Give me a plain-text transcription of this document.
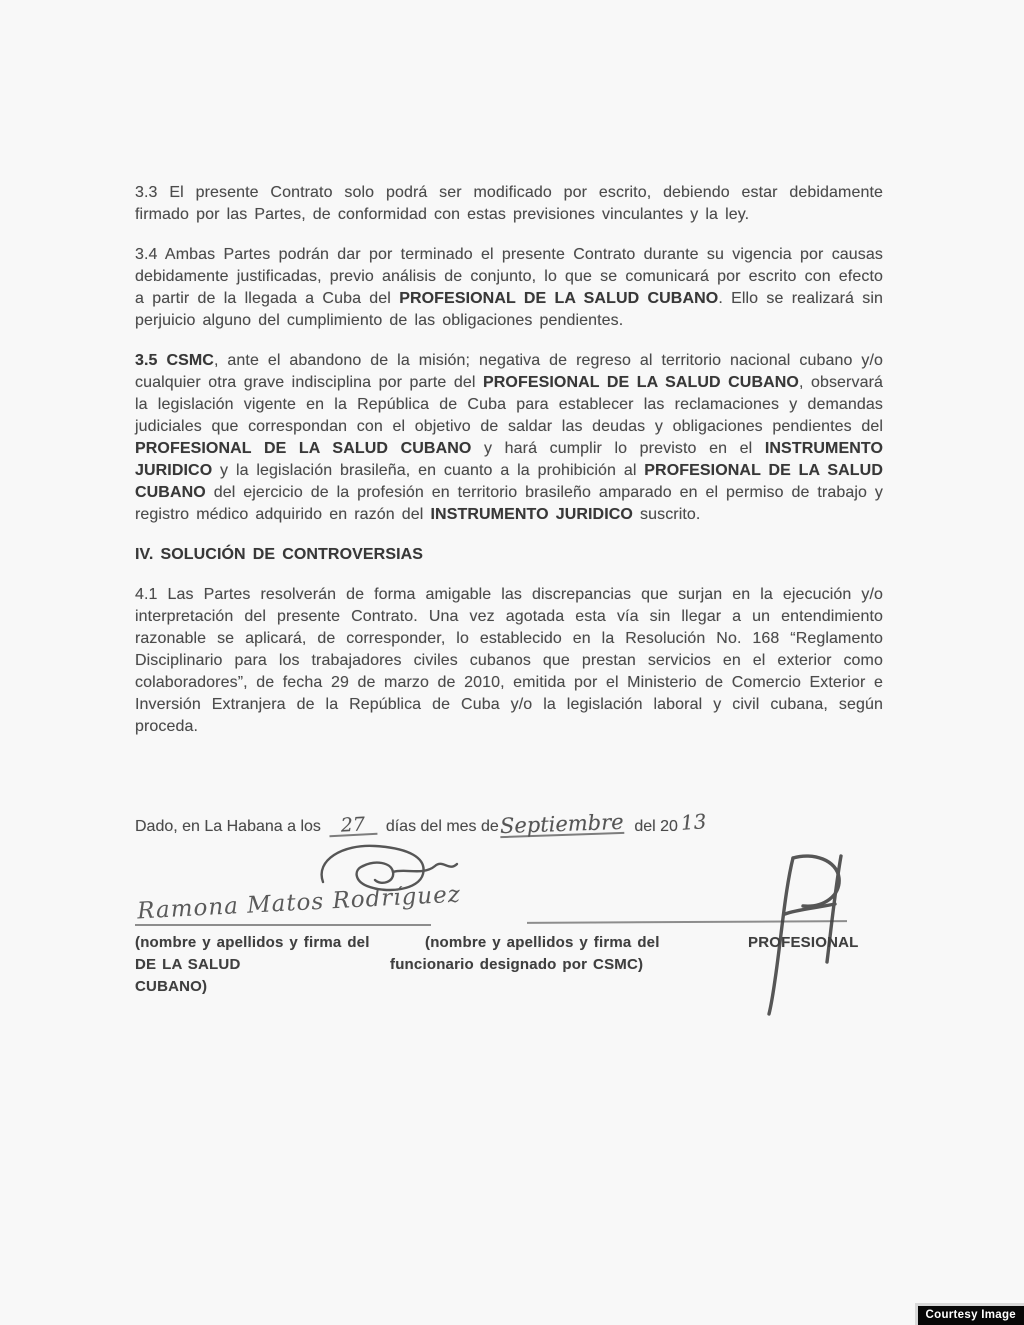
3.3 El presente Contrato solo podrá ser modificado por escrito, debiendo estar debidamente firmado por las Partes, de conformidad con estas previsiones vinculantes y la ley.

3.4 Ambas Partes podrán dar por terminado el presente Contrato durante su vigencia por causas debidamente justificadas, previo análisis de conjunto, lo que se comunicará por escrito con efecto a partir de la llegada a Cuba del PROFESIONAL DE LA SALUD CUBANO. Ello se realizará sin perjuicio alguno del cumplimiento de las obligaciones pendientes.

3.5 CSMC, ante el abandono de la misión; negativa de regreso al territorio nacional cubano y/o cualquier otra grave indisciplina por parte del PROFESIONAL DE LA SALUD CUBANO, observará la legislación vigente en la República de Cuba para establecer las reclamaciones y demandas judiciales que correspondan con el objetivo de saldar las deudas y obligaciones pendientes del PROFESIONAL DE LA SALUD CUBANO y hará cumplir lo previsto en el INSTRUMENTO JURIDICO y la legislación brasileña, en cuanto a la prohibición al PROFESIONAL DE LA SALUD CUBANO del ejercicio de la profesión en territorio brasileño amparado en el permiso de trabajo y registro médico adquirido en razón del INSTRUMENTO JURIDICO suscrito.

IV. SOLUCIÓN DE CONTROVERSIAS

4.1 Las Partes resolverán de forma amigable las discrepancias que surjan en la ejecución y/o interpretación del presente Contrato. Una vez agotada esta vía sin llegar a un entendimiento razonable se aplicará, de corresponder, lo establecido en la Resolución No. 168 “Reglamento Disciplinario para los trabajadores civiles cubanos que prestan servicios en el exterior como colaboradores”, de fecha 29 de marzo de 2010, emitida por el Ministerio de Comercio Exterior e Inversión Extranjera de la República de Cuba y/o la legislación laboral y civil cubana, según proceda.

Dado, en La Habana a los 27 días del mes de Septiembre del 20 13
Ramona Matos Rodríguez
(nombre y apellidos y firma del	(nombre y apellidos y firma del	PROFESIONAL
DE LA SALUD	funcionario designado por CSMC)
CUBANO)
Courtesy Image
